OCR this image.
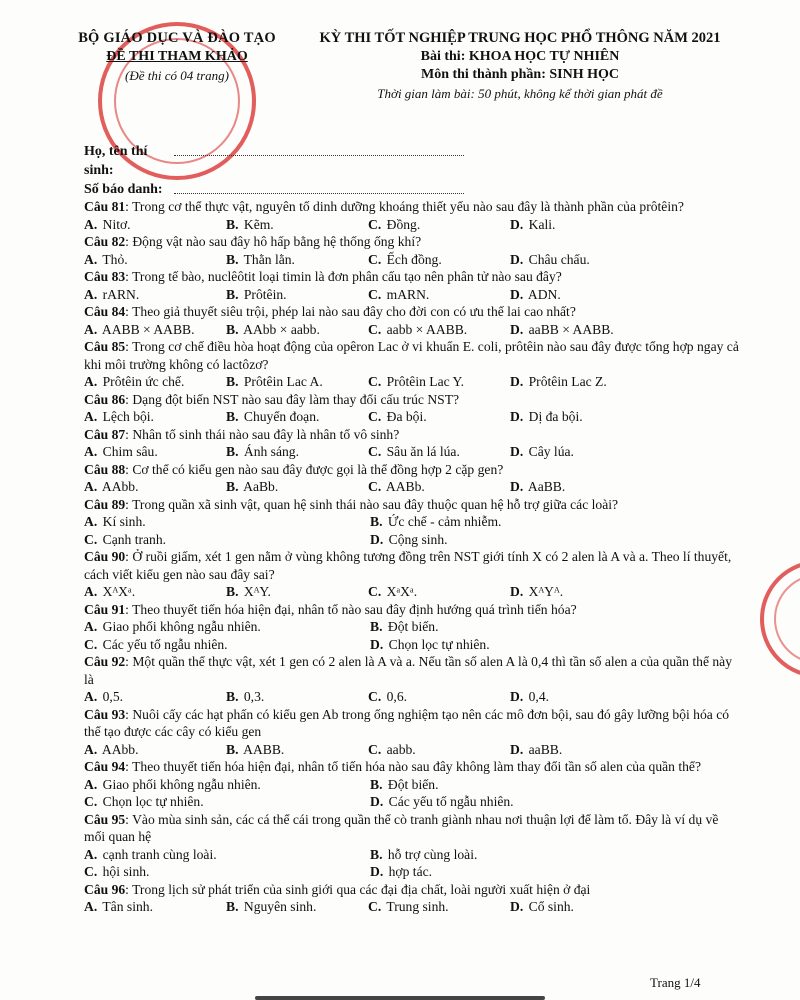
BỘ GIÁO DỤC VÀ ĐÀO TẠO
ĐỀ THI THAM KHẢO
(Đề thi có 04 trang)
KỲ THI TỐT NGHIỆP TRUNG HỌC PHỔ THÔNG NĂM 2021
Bài thi: KHOA HỌC TỰ NHIÊN
Môn thi thành phần: SINH HỌC
Thời gian làm bài: 50 phút, không kể thời gian phát đề
Họ, tên thí sinh:
Số báo danh:
Câu 81: Trong cơ thể thực vật, nguyên tố dinh dưỡng khoáng thiết yếu nào sau đây là thành phần của prôtêin?
A. Nitơ.	B. Kẽm.	C. Đồng.	D. Kali.
Câu 82: Động vật nào sau đây hô hấp bằng hệ thống ống khí?
A. Thỏ.	B. Thằn lằn.	C. Ếch đồng.	D. Châu chấu.
Câu 83: Trong tế bào, nuclêôtit loại timin là đơn phân cấu tạo nên phân tử nào sau đây?
A. rARN.	B. Prôtêin.	C. mARN.	D. ADN.
Câu 84: Theo giả thuyết siêu trội, phép lai nào sau đây cho đời con có ưu thế lai cao nhất?
A. AABB × AABB.	B. AAbb × aabb.	C. aabb × AABB.	D. aaBB × AABB.
Câu 85: Trong cơ chế điều hòa hoạt động của opêron Lac ở vi khuẩn E. coli, prôtêin nào sau đây được tổng hợp ngay cả khi môi trường không có lactôzơ?
A. Prôtêin ức chế.	B. Prôtêin Lac A.	C. Prôtêin Lac Y.	D. Prôtêin Lac Z.
Câu 86: Dạng đột biến NST nào sau đây làm thay đổi cấu trúc NST?
A. Lệch bội.	B. Chuyển đoạn.	C. Đa bội.	D. Dị đa bội.
Câu 87: Nhân tố sinh thái nào sau đây là nhân tố vô sinh?
A. Chim sâu.	B. Ánh sáng.	C. Sâu ăn lá lúa.	D. Cây lúa.
Câu 88: Cơ thể có kiểu gen nào sau đây được gọi là thể đồng hợp 2 cặp gen?
A. AAbb.	B. AaBb.	C. AABb.	D. AaBB.
Câu 89: Trong quần xã sinh vật, quan hệ sinh thái nào sau đây thuộc quan hệ hỗ trợ giữa các loài?
A. Kí sinh.	B. Ức chế - cảm nhiễm.
C. Cạnh tranh.	D. Cộng sinh.
Câu 90: Ở ruồi giấm, xét 1 gen nằm ở vùng không tương đồng trên NST giới tính X có 2 alen là A và a. Theo lí thuyết, cách viết kiểu gen nào sau đây sai?
A. XᴬXᵃ.	B. XᴬY.	C. XᵃXᵃ.	D. XᴬYᴬ.
Câu 91: Theo thuyết tiến hóa hiện đại, nhân tố nào sau đây định hướng quá trình tiến hóa?
A. Giao phối không ngẫu nhiên.	B. Đột biến.
C. Các yếu tố ngẫu nhiên.	D. Chọn lọc tự nhiên.
Câu 92: Một quần thể thực vật, xét 1 gen có 2 alen là A và a. Nếu tần số alen A là 0,4 thì tần số alen a của quần thể này là
A. 0,5.	B. 0,3.	C. 0,6.	D. 0,4.
Câu 93: Nuôi cấy các hạt phấn có kiểu gen Ab trong ống nghiệm tạo nên các mô đơn bội, sau đó gây lưỡng bội hóa có thể tạo được các cây có kiểu gen
A. AAbb.	B. AABB.	C. aabb.	D. aaBB.
Câu 94: Theo thuyết tiến hóa hiện đại, nhân tố tiến hóa nào sau đây không làm thay đổi tần số alen của quần thể?
A. Giao phối không ngẫu nhiên.	B. Đột biến.
C. Chọn lọc tự nhiên.	D. Các yếu tố ngẫu nhiên.
Câu 95: Vào mùa sinh sản, các cá thể cái trong quần thể cò tranh giành nhau nơi thuận lợi để làm tổ. Đây là ví dụ về mối quan hệ
A. cạnh tranh cùng loài.	B. hỗ trợ cùng loài.
C. hội sinh.	D. hợp tác.
Câu 96: Trong lịch sử phát triển của sinh giới qua các đại địa chất, loài người xuất hiện ở đại
A. Tân sinh.	B. Nguyên sinh.	C. Trung sinh.	D. Cổ sinh.
Trang 1/4
